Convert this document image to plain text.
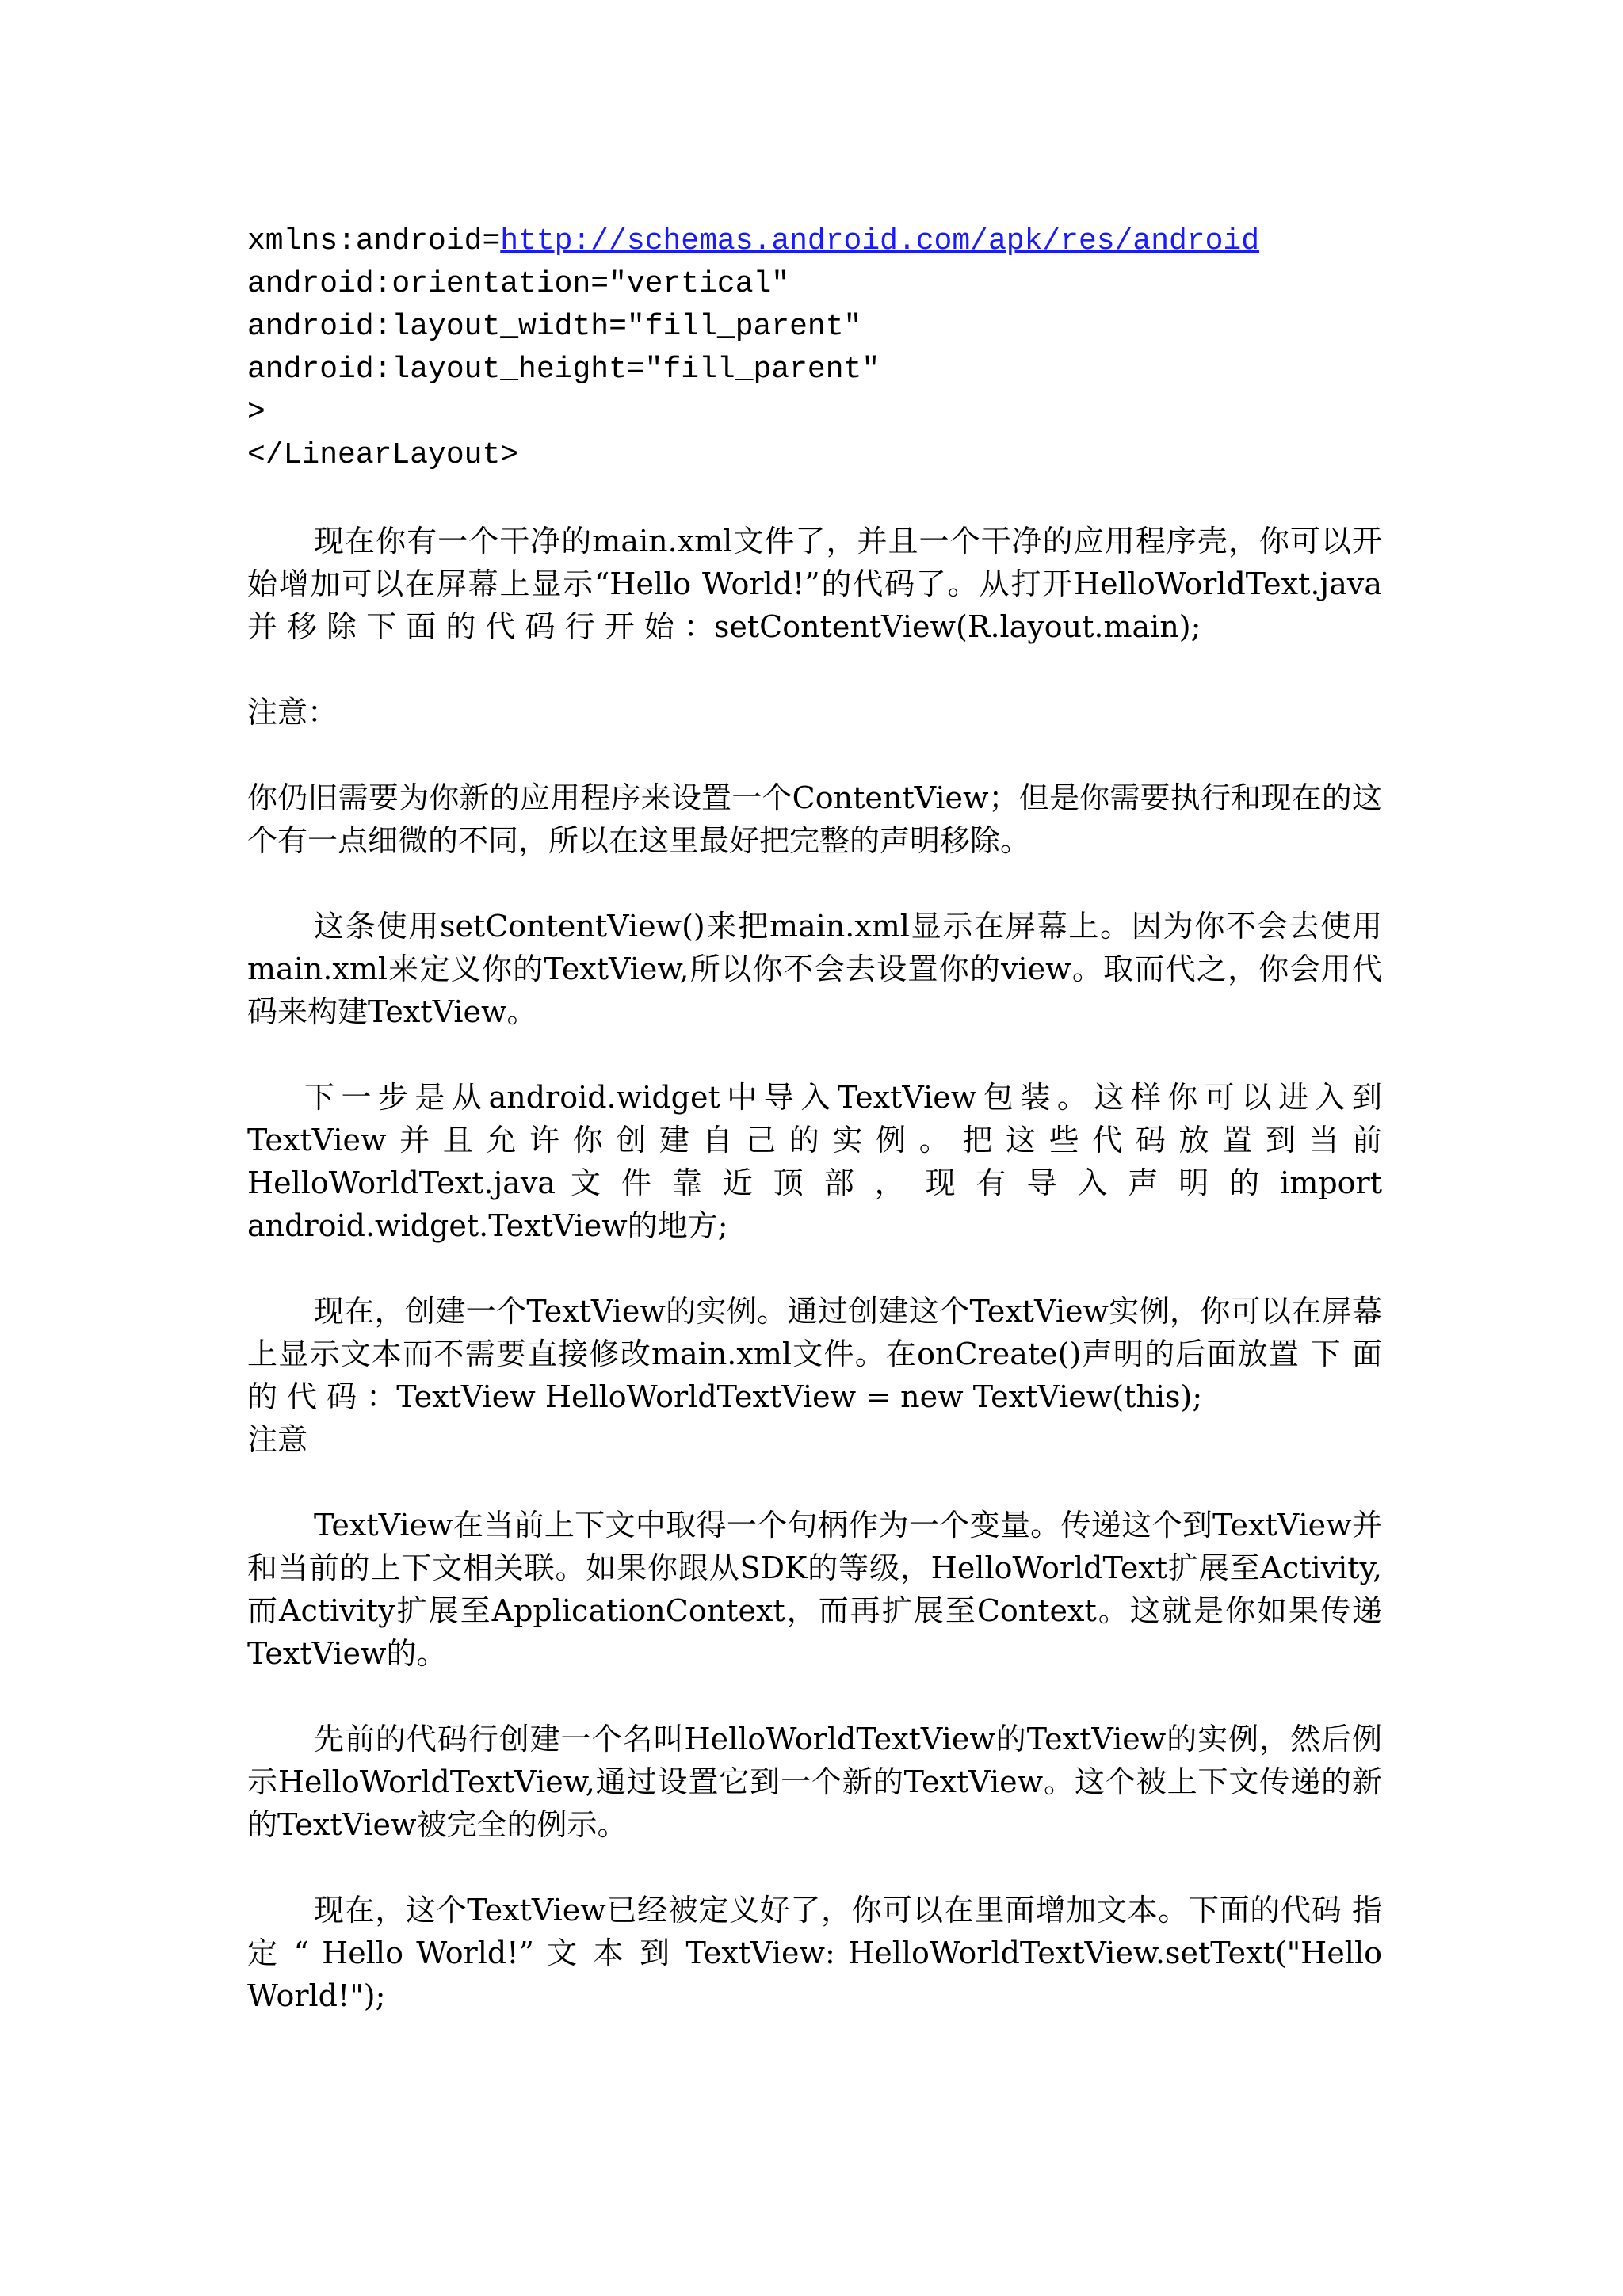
xmlns:android=http://schemas.android.com/apk/res/android
android:orientation="vertical"
android:layout_width="fill_parent"
android:layout_height="fill_parent"
>
</LinearLayout>

现在你有一个干净的main.xml文件了，并且一个干净的应用程序壳，你可以开始增加可以在屏幕上显示“Hello World!”的代码了。从打开HelloWorldText.java 并 移 除 下 面 的 代 码 行 开 始 ：setContentView(R.layout.main);

注意：

你仍旧需要为你新的应用程序来设置一个ContentView；但是你需要执行和现在的这个有一点细微的不同，所以在这里最好把完整的声明移除。

这条使用setContentView()来把main.xml显示在屏幕上。因为你不会去使用main.xml来定义你的TextView,所以你不会去设置你的view。取而代之，你会用代码来构建TextView。

下一步是从android.widget中导入TextView包装。这样你可以进入到TextView并且允许你创建自己的实例。把这些代码放置到当前HelloWorldText.java 文 件 靠 近 顶 部 ， 现 有 导 入 声 明 的 import android.widget.TextView的地方;

现在，创建一个TextView的实例。通过创建这个TextView实例，你可以在屏幕上显示文本而不需要直接修改main.xml文件。在onCreate()声明的后面放置 下 面 的 代 码 ：TextView HelloWorldTextView = new TextView(this);

注意

TextView在当前上下文中取得一个句柄作为一个变量。传递这个到TextView并和当前的上下文相关联。如果你跟从SDK的等级，HelloWorldText扩展至Activity,而Activity扩展至ApplicationContext，而再扩展至Context。这就是你如果传递TextView的。

先前的代码行创建一个名叫HelloWorldTextView的TextView的实例，然后例示HelloWorldTextView,通过设置它到一个新的TextView。这个被上下文传递的新的TextView被完全的例示。

现在，这个TextView已经被定义好了，你可以在里面增加文本。下面的代码 指 定 “ Hello World!” 文 本 到 TextView: HelloWorldTextView.setText("Hello World!");
